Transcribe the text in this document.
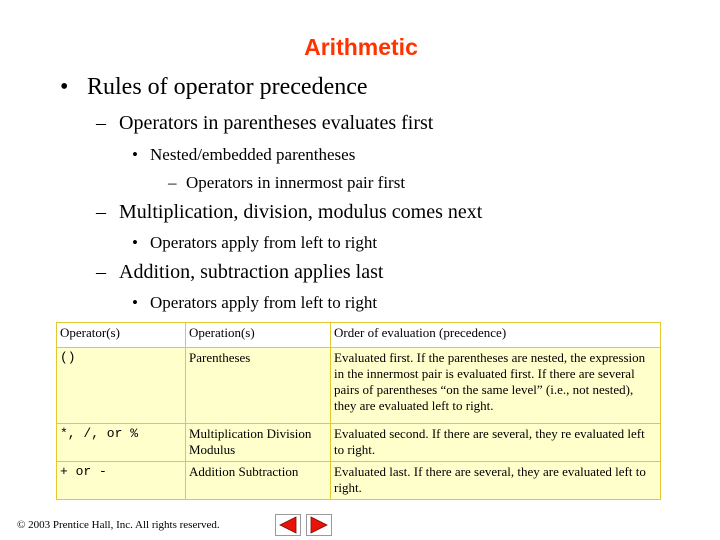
Arithmetic
• Rules of operator precedence
– Operators in parentheses evaluates first
• Nested/embedded parentheses
– Operators in innermost pair first
– Multiplication, division, modulus comes next
• Operators apply from left to right
– Addition, subtraction applies last
• Operators apply from left to right
Operator(s)	Operation(s)	Order of evaluation (precedence)
()	Parentheses	Evaluated first. If the parentheses are nested, the expression in the innermost pair is evaluated first. If there are several pairs of parentheses “on the same level” (i.e., not nested), they are evaluated left to right.
*, /, or %	Multiplication Division Modulus	Evaluated second. If there are several, they re evaluated left to right.
+ or -	Addition Subtraction	Evaluated last. If there are several, they are evaluated left to right.
© 2003 Prentice Hall, Inc. All rights reserved.
